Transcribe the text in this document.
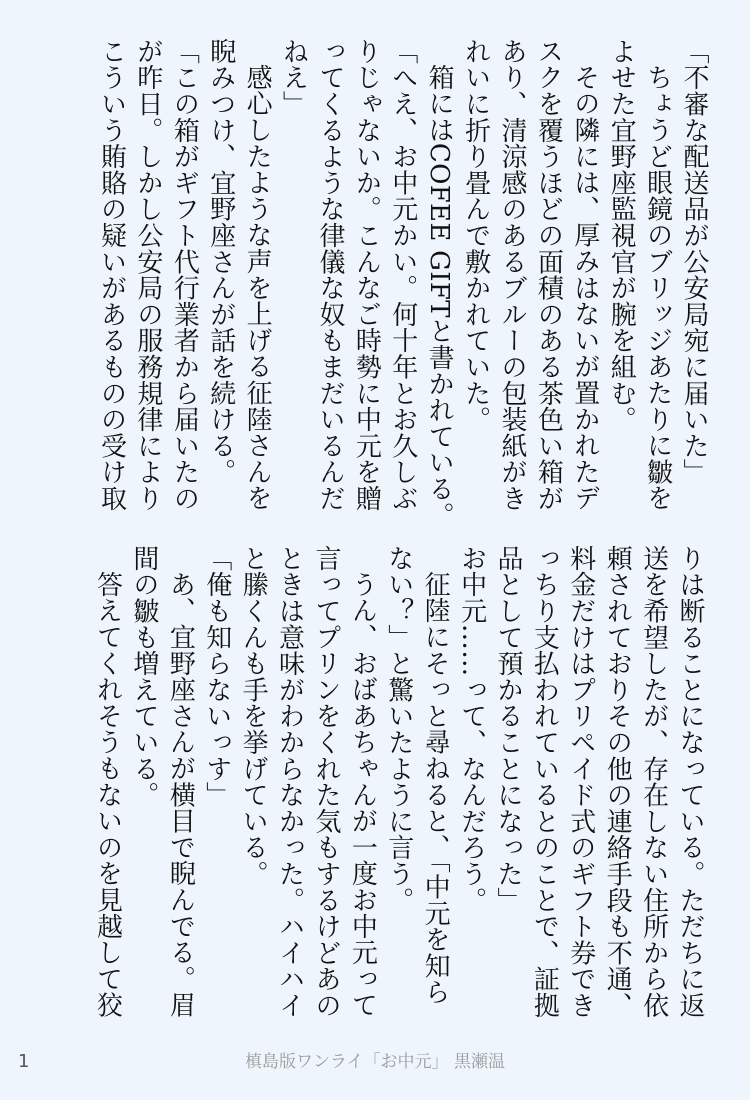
「不審な配送品が公安局宛に届いた」
ちょうど眼鏡のブリッジあたりに皺を
よせた宜野座監視官が腕を組む。
その隣には、厚みはないが置かれたデ
スクを覆うほどの面積のある茶色い箱が
あり、清涼感のあるブルーの包装紙がき
れいに折り畳んで敷かれていた。
箱にはCOFEE GIFTと書かれている。
「へえ、お中元かい。何十年とお久しぶ
りじゃないか。こんなご時勢に中元を贈
ってくるような律儀な奴もまだいるんだ
ねえ」
感心したような声を上げる征陸さんを
睨みつけ、宜野座さんが話を続ける。
「この箱がギフト代行業者から届いたの
が昨日。しかし公安局の服務規律により
こういう賄賂の疑いがあるものの受け取
りは断ることになっている。ただちに返
送を希望したが、存在しない住所から依
頼されておりその他の連絡手段も不通、
料金だけはプリペイド式のギフト券でき
っちり支払われているとのことで、証拠
品として預かることになった」
お中元……って、なんだろう。
征陸にそっと尋ねると、「中元を知ら
ない？」と驚いたように言う。
うん、おばあちゃんが一度お中元って
言ってプリンをくれた気もするけどあの
ときは意味がわからなかった。ハイハイ
と縢くんも手を挙げている。
「俺も知らないっす」
あ、宜野座さんが横目で睨んでる。眉
間の皺も増えている。
答えてくれそうもないのを見越して狡
1	槙島版ワンライ「お中元」 黒瀬温
